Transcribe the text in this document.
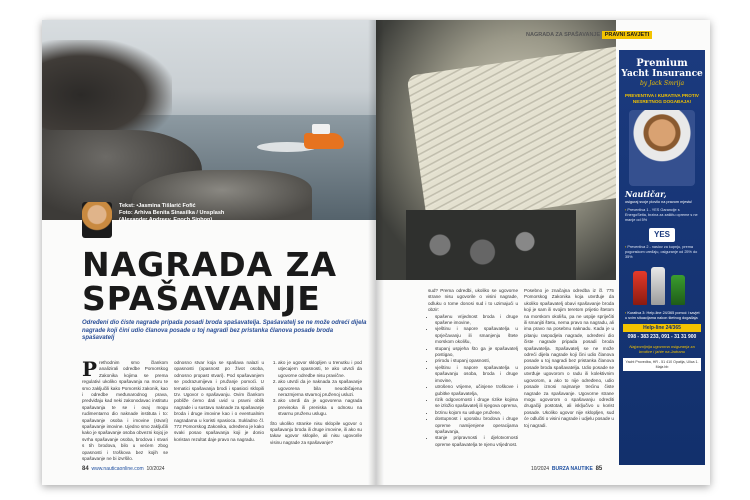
Tekst: •Jasmina Tišlarić Fofić
Foto: Arhiva Benita Sinasilka / Unsplash
(Alexander Andreev, Enoch Sinhon)
NAGRADA ZA
SPAŠAVANJE

Određeni dio čiste nagrade pripada posadi broda spašavatelja. Spašavatelj se ne može odreći dijela nagrade koji čini udio članova posade u toj nagradi bez pristanka članova posade broda spašavatelj

P rethodnim smo člankom analizirali odredbe Pomorskog Zakonika kojima se prema regulativi ukoliko spašavanja na moru te smo zaključili kako Pomorski zakonik, kao i odredbe međunarodnog prava, predviđaju kad neki zakonodavac institutu spašavanja te se i ovaj mogu rudimentarno dio naknade instituta i to: spašavanje osoba i imovine (stvari) spašavanje imovine. Ujedno smo zaključili kako je spašavanje osoba obvezni kojoj je svrha spašavanje osoba, brodova i stvari s tih brodova, bilo u većem zbog opasnosti i troškova bez kojih se spašavanje ne bi izvršilo.
odnosno stvar koja se spašava nalazi u opasnosti (opasnost po život osoba, odnosno propast stvari). Pod spašavanjem se podrazumijeva i pružanje pomoći. U tematici spašavanja brodi i spasioci sklopili tzv. Ugovor o spašavanju. Ovim člankom pobliže ćemo dati uvid u pravni oblik nagrade i u sustavu naknade za spašavanje broda i druge imovine kao i o eventualnim nagradama u koristi spasioca. Sukladno čl. 772 Pomorskog Zakonika, određeno je kako svaki posao spašavanja koji je donio koristan rezultat daje pravo na nagradu.
1. ako je ugovor sklopljen u trenutku i pod utjecajem opasnosti, te ako utvrdi da ugovorne odredbe nisu pravične.
2. ako utvrdi da je naknada za spašavanje ugovorena bila neuobičajena nerazmjerna stvarnoj pruženoj usluzi.
3. ako utvrdi da je ugovorena nagrada previsoka ili preniska u odnosu na stvarnu pruženu uslugu.
Što ukoliko stranke nisu sklopile ugovor o spašavanju broda ili druge imovine, ili ako su takav ugovor sklopile, ali nisu ugovorile visinu nagrade za spašavanje?
84 www.nauticaonline.com 10/2024
NAGRADA ZA SPAŠAVANJE PRAVNI SAVJETI
sud? Prema odredbi, ukoliko se ugovorne strane nisu ugovorile o visini nagrade, odluku o tome donosi sud i to uzimajući u obzir:
• spašenu vrijednost broda i druge spašene imovine,
• vještinu i napore spašavatelja u sprječavanju ili smanjenju štete morskom okolišu,
• stupanj uspjeha što ga je spašavatelj postigao,
• prirodu i stupanj opasnosti,
• vještinu i napore spašavatelja u spašavanju osoba, broda i druge imovine,
• utrošeno vrijeme, učinjene troškove i gubitke spašavatelja,
• rizik odgovornosti i druge rizike kojima se izložio spašavatelj ili njegova oprema,
• brzinu kojom su usluge pružene,
• dostupnost i uporabu brodova i druge opreme namijenjene operacijama spašavanja,
• stanje pripravnosti i djelotvornosti opreme spašavatelja te njenu vrijednost.
Posebno je značajna odredba iz čl. 775 Pomorskog Zakonika koja utvrđuje da ukoliko spašavatelj obavi spašavanje broda koji je sam ili svojim teretom prijetio štetom na morskom okolišu, pa ne uspije spriječiti ili smanjiti štetu, nema pravo na nagradu, ali ima pravo na posebnu naknadu. Kada je u pitanju raspodjela nagrade, određeni dio čiste nagrade pripada posadi broda spašavatelja. Spašavatelj se ne može odreći dijela nagrade koji čini udio članova posade u toj nagradi bez pristanka članova posade broda spašavatelja. Udio posade se utvrđuje ugovorom o radu ili kolektivnim ugovorom, a ako to nije određeno, udio posade iznosi najmanje trećinu čiste nagrade za spašavanje. Ugovorne strane mogu ugovorom o spašavanju odrediti drugačiji postotak, ali isključivo u korist posade. Ukoliko ugovor nije sklopljen, sud će odlučiti o visini nagrade i udjelu posade u toj nagradi.
Premium
Yacht Insurance
by Jack Smrija
PREVENTIVA I KURATIVA PROTIV NESRETNOG DOGAĐAJA!
Nautičar,
osiguraj svoje plovilo na pravom mjestu!
› Preventiva 1 - YES Garancije s EnergoSetia, brzina za zaštitu opreme s ne manje od 5%
YES
› Preventiva 2 - naslov za kupnju, prema pogonskom uređaju, osiguranje od 25% do 35%
› Kurativa 3: Help-line 24/365 pomoć i savjet u svim situacijama nakon štetnog događaja
Help-line 24/365
098 - 383 233, 091 - 31 31 900
Najpovoljnija ugovorna osiguranja za brodice i jahte na Jadranu
Yacht Provedba, HR - 51 410 Opatija, Ulica 1. Maja bb
10/2024 BURZA NAUTIKE 85
